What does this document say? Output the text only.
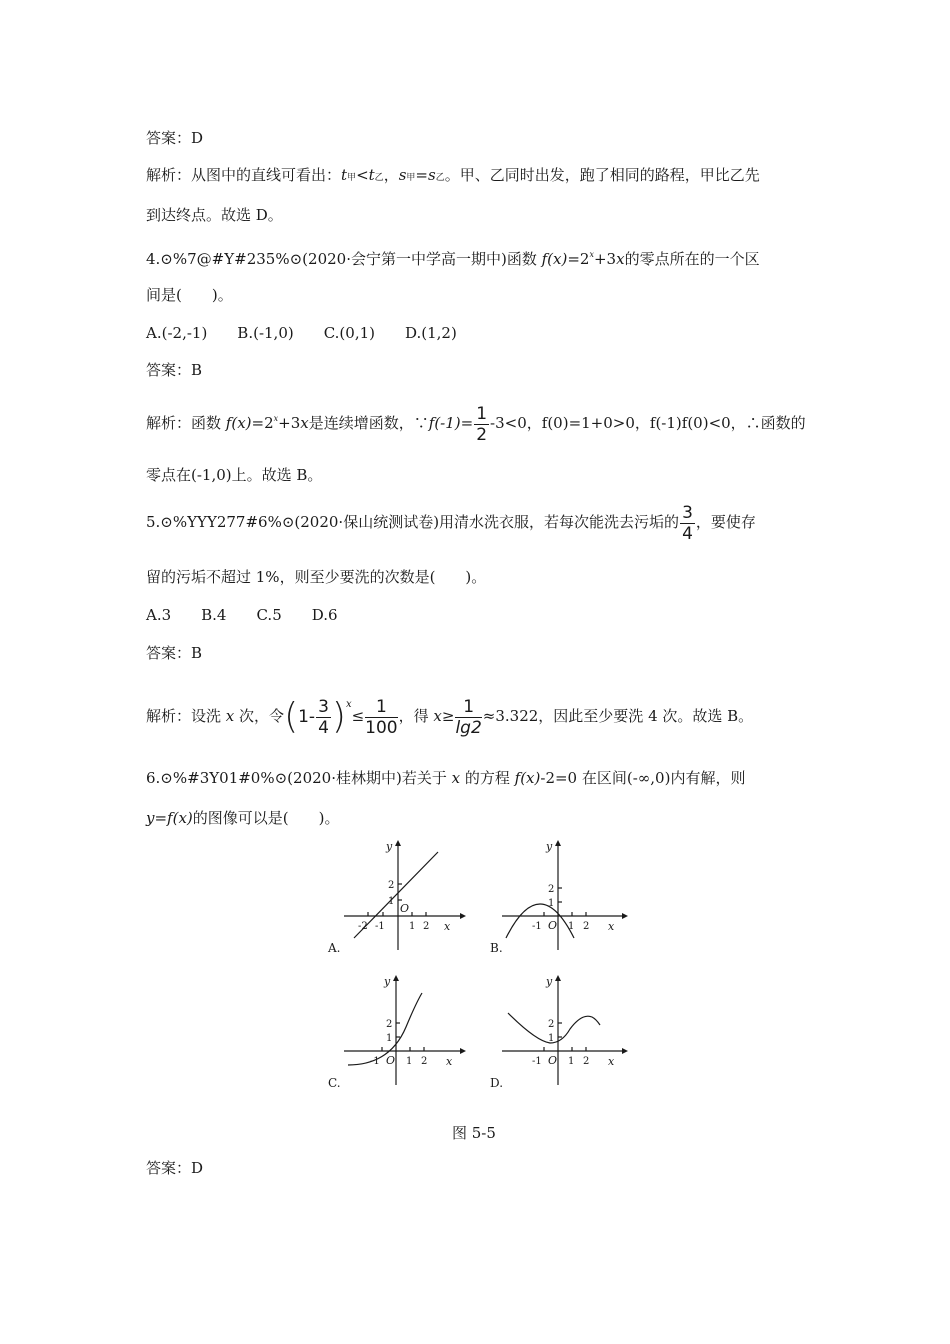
答案：D
解析：从图中的直线可看出：t甲<t乙，s甲=s乙。甲、乙同时出发，跑了相同的路程，甲比乙先
到达终点。故选 D。
4.⊙%7@#Y#235%⊙(2020·会宁第一中学高一期中)函数 $f(x)=2^x+3x$的零点所在的一个区
间是(　　)。
A.(-2,-1)　　B.(-1,0)　　C.(0,1)　　D.(1,2)
答案：B
解析：函数 $f(x)=2^x+3x$是连续增函数，∵f(-1)= $\frac{1}{2} -3<0$，f(0)=1+0>0，f(-1)f(0)<0，∴函数的
零点在(-1,0)上。故选 B。
5.⊙%YYY277#6%⊙(2020·保山统测试卷)用清水洗衣服，若每次能洗去污垢的 $\frac{3}{4}$ ，要使存
留的污垢不超过 1%，则至少要洗的次数是(　　)。
A.3　　B.4　　C.5　　D.6
答案：B
解析：设洗 x 次，令$(1- \frac{3}{4} )^x\le \frac{1}{100}$ ，得 $x\ge \frac{1}{\lg 2} \approx 3.322$，因此至少要洗 4 次。故选 B。
6.⊙%#3Y01#0%⊙(2020·桂林期中)若关于 x 的方程 f(x)-2=0 在区间(-∞,0)内有解，则
y=f(x)的图像可以是(　　)。
x
y
O
-2 -1 1 2
1
2
A.
x
y
O
-1	1 2
1
2
B.
x
y
O
-1	1 2
1
2
C.
x
y
O
-1	1 2
1
2
D.
图 5-5
答案：D
